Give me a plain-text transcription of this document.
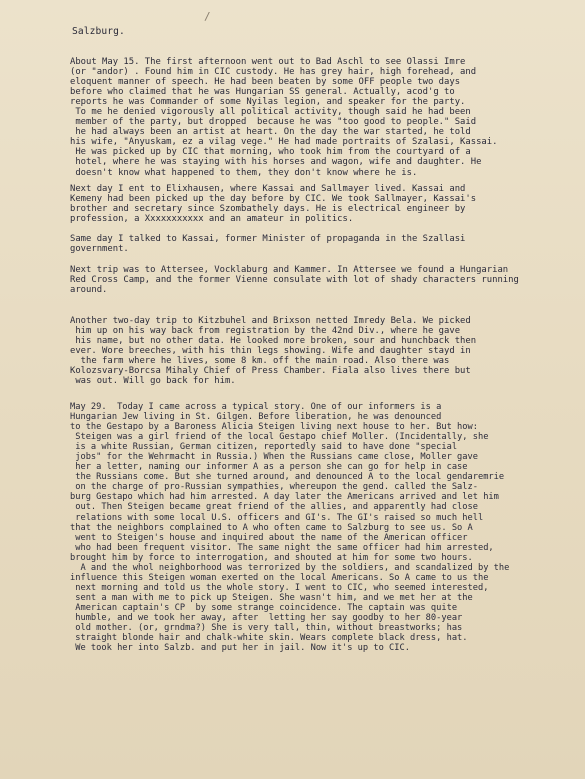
/
Salzburg.
About May 15. The first afternoon went out to Bad Aschl to see Olassi Imre
(or "andor) . Found him in CIC custody. He has grey hair, high forehead, and
eloquent manner of speech. He had been beaten by some OFF people two days
before who claimed that he was Hungarian SS general. Actually, acod'g to
reports he was Commander of some Nyilas legion, and speaker for the party.
To me he denied vigorously all political activity, though said he had been
member of the party, but dropped  because he was "too good to people." Said
he had always been an artist at heart. On the day the war started, he told
his wife, "Anyuskam, ez a vilag vege." He had made portraits of Szalasi, Kassai.
He was picked up by CIC that morning, who took him from the courtyard of a
hotel, where he was staying with his horses and wagon, wife and daughter. He
doesn't know what happened to them, they don't know where he is.
Next day I ent to Elixhausen, where Kassai and Sallmayer lived. Kassai and
Kemeny had been picked up the day before by CIC. We took Sallmayer, Kassai's
brother and secretary since Szombathely days. He is electrical engineer by
profession, a Ẍxxxxxxxxxx and an amateur in politics.
Same day I talked to Kassai, former Minister of propaganda in the Szallasi
government.
Next trip was to Attersee, Vocklaburg and Kammer. In Attersee we found a Hungarian
Red Cross Camp, and the former Vienne consulate with lot of shady characters running
around.
Another two-day trip to Kitzbuhel and Brixson netted Imredy Bela. We picked
him up on his way back from registration by the 42nd Div., where he gave
his name, but no other data. He looked more broken, sour and hunchback then
ever. Wore breeches, with his thin legs showing. Wife and daughter stayd in
the farm where he lives, some 8 km. off the main road. Also there was
Kolozsvary-Borcsa Mihaly Chief of Press Chamber. Fiala also lives there but
was out. Will go back for him.
May 29.  Today I came across a typical story. One of our informers is a
Hungarian Jew living in St. Gilgen. Before liberation, he was denounced
to the Gestapo by a Baroness Alicia Steigen living next house to her. But how:
Steigen was a girl friend of the local Gestapo chief Moller. (Incidentally, she
is a white Russian, German citizen, reportedly said to have done "special
jobs" for the Wehrmacht in Russia.) When the Russians came close, Moller gave
her a letter, naming our informer A as a person she can go for help in case
the Russians come. But she turned around, and denounced A to the local gendaremrie
on the charge of pro-Russian sympathies, whereupon the gend. called the Salz-
burg Gestapo which had him arrested. A day later the Americans arrived and let him
out. Then Steigen became great friend of the allies, and apparently had close
relations with some local U.S. officers and GI's. The GI's raised so much hell
that the neighbors complained to A who often came to Salzburg to see us. So A
went to Steigen's house and inquired about the name of the American officer
who had been frequent visitor. The same night the same officer had him arrested,
brought him by force to interrogation, and shouted at him for some two hours.
A and the whol neighborhood was terrorized by the soldiers, and scandalized by the
influence this Steigen woman exerted on the local Americans. So A came to us the
next morning and told us the whole story. I went to CIC, who seemed interested,
sent a man with me to pick up Steigen. She wasn't him, and we met her at the
American captain's CP  by some strange coincidence. The captain was quite
humble, and we took her away, after  letting her say goodby to her 80-year
old mother. (or, grndma?) She is very tall, thin, without breastworks; has
straight blonde hair and chalk-white skin. Wears complete black dress, hat.
We took her into Salzb. and put her in jail. Now it's up to CIC.
